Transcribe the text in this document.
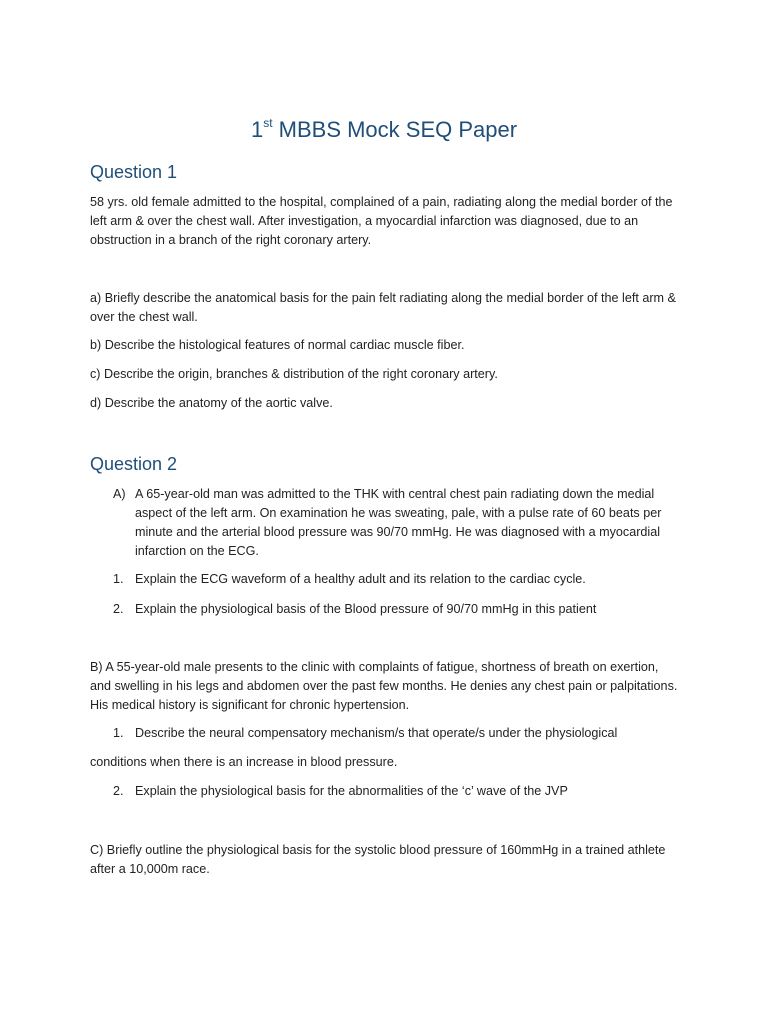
1st MBBS Mock SEQ Paper
Question 1
58 yrs. old female admitted to the hospital, complained of a pain, radiating along the medial border of the left arm & over the chest wall. After investigation, a myocardial infarction was diagnosed, due to an obstruction in a branch of the right coronary artery.
a) Briefly describe the anatomical basis for the pain felt radiating along the medial border of the left arm & over the chest wall.
b) Describe the histological features of normal cardiac muscle fiber.
c) Describe the origin, branches & distribution of the right coronary artery.
d) Describe the anatomy of the aortic valve.
Question 2
A) A 65-year-old man was admitted to the THK with central chest pain radiating down the medial aspect of the left arm. On examination he was sweating, pale, with a pulse rate of 60 beats per minute and the arterial blood pressure was 90/70 mmHg. He was diagnosed with a myocardial infarction on the ECG.
1. Explain the ECG waveform of a healthy adult and its relation to the cardiac cycle.
2. Explain the physiological basis of the Blood pressure of 90/70 mmHg in this patient
B) A 55-year-old male presents to the clinic with complaints of fatigue, shortness of breath on exertion, and swelling in his legs and abdomen over the past few months. He denies any chest pain or palpitations. His medical history is significant for chronic hypertension.
1. Describe the neural compensatory mechanism/s that operate/s under the physiological
conditions when there is an increase in blood pressure.
2. Explain the physiological basis for the abnormalities of the ‘c’ wave of the JVP
C) Briefly outline the physiological basis for the systolic blood pressure of 160mmHg in a trained athlete after a 10,000m race.
